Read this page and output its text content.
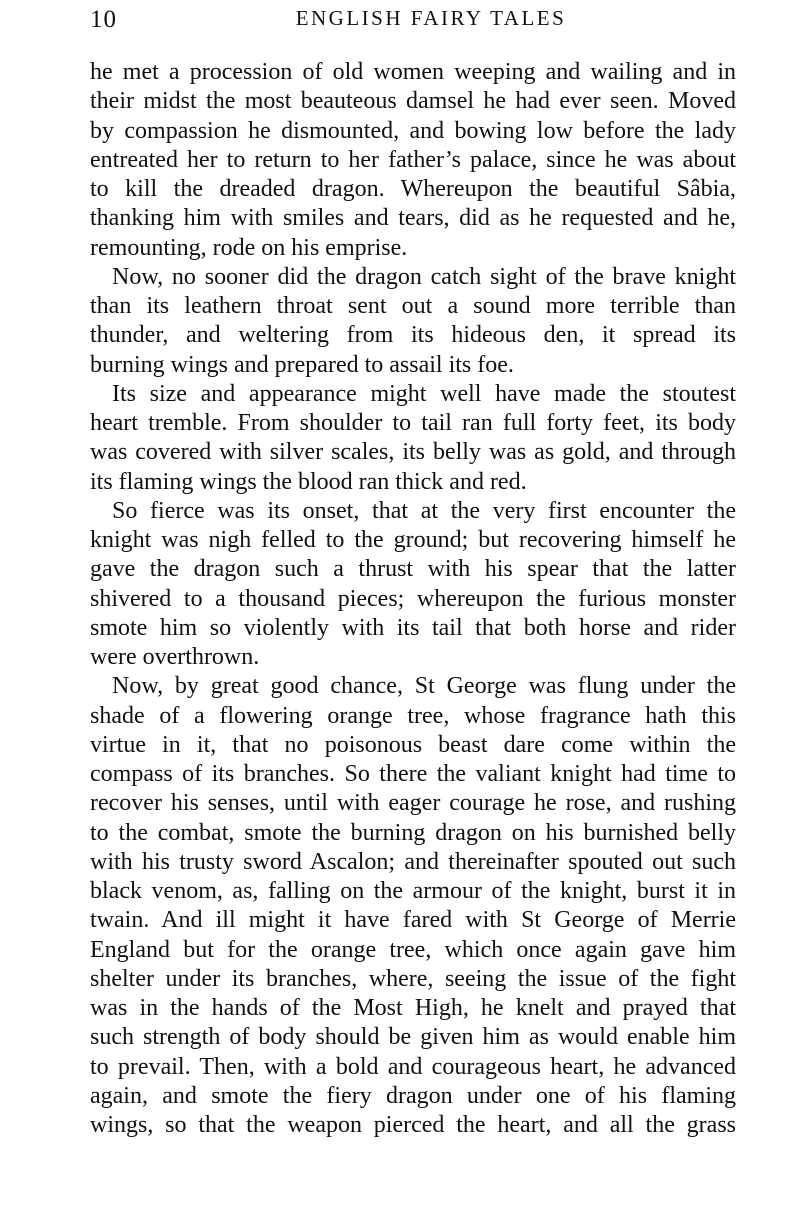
10	ENGLISH FAIRY TALES
he met a procession of old women weeping and wailing and in
their midst the most beauteous damsel he had ever seen. Moved
by compassion he dismounted, and bowing low before the lady
entreated her to return to her father’s palace, since he was about
to kill the dreaded dragon. Whereupon the beautiful Sâbia,
thanking him with smiles and tears, did as he requested and he,
remounting, rode on his emprise.
Now, no sooner did the dragon catch sight of the brave knight
than its leathern throat sent out a sound more terrible than
thunder, and weltering from its hideous den, it spread its
burning wings and prepared to assail its foe.
Its size and appearance might well have made the stoutest
heart tremble. From shoulder to tail ran full forty feet, its body
was covered with silver scales, its belly was as gold, and through
its flaming wings the blood ran thick and red.
So fierce was its onset, that at the very first encounter the
knight was nigh felled to the ground; but recovering himself he
gave the dragon such a thrust with his spear that the latter
shivered to a thousand pieces; whereupon the furious monster
smote him so violently with its tail that both horse and rider
were overthrown.
Now, by great good chance, St George was flung under the
shade of a flowering orange tree, whose fragrance hath this
virtue in it, that no poisonous beast dare come within the
compass of its branches. So there the valiant knight had time to
recover his senses, until with eager courage he rose, and rushing
to the combat, smote the burning dragon on his burnished belly
with his trusty sword Ascalon; and thereinafter spouted out such
black venom, as, falling on the armour of the knight, burst it in
twain. And ill might it have fared with St George of Merrie
England but for the orange tree, which once again gave him
shelter under its branches, where, seeing the issue of the fight
was in the hands of the Most High, he knelt and prayed that
such strength of body should be given him as would enable him
to prevail. Then, with a bold and courageous heart, he advanced
again, and smote the fiery dragon under one of his flaming
wings, so that the weapon pierced the heart, and all the grass
